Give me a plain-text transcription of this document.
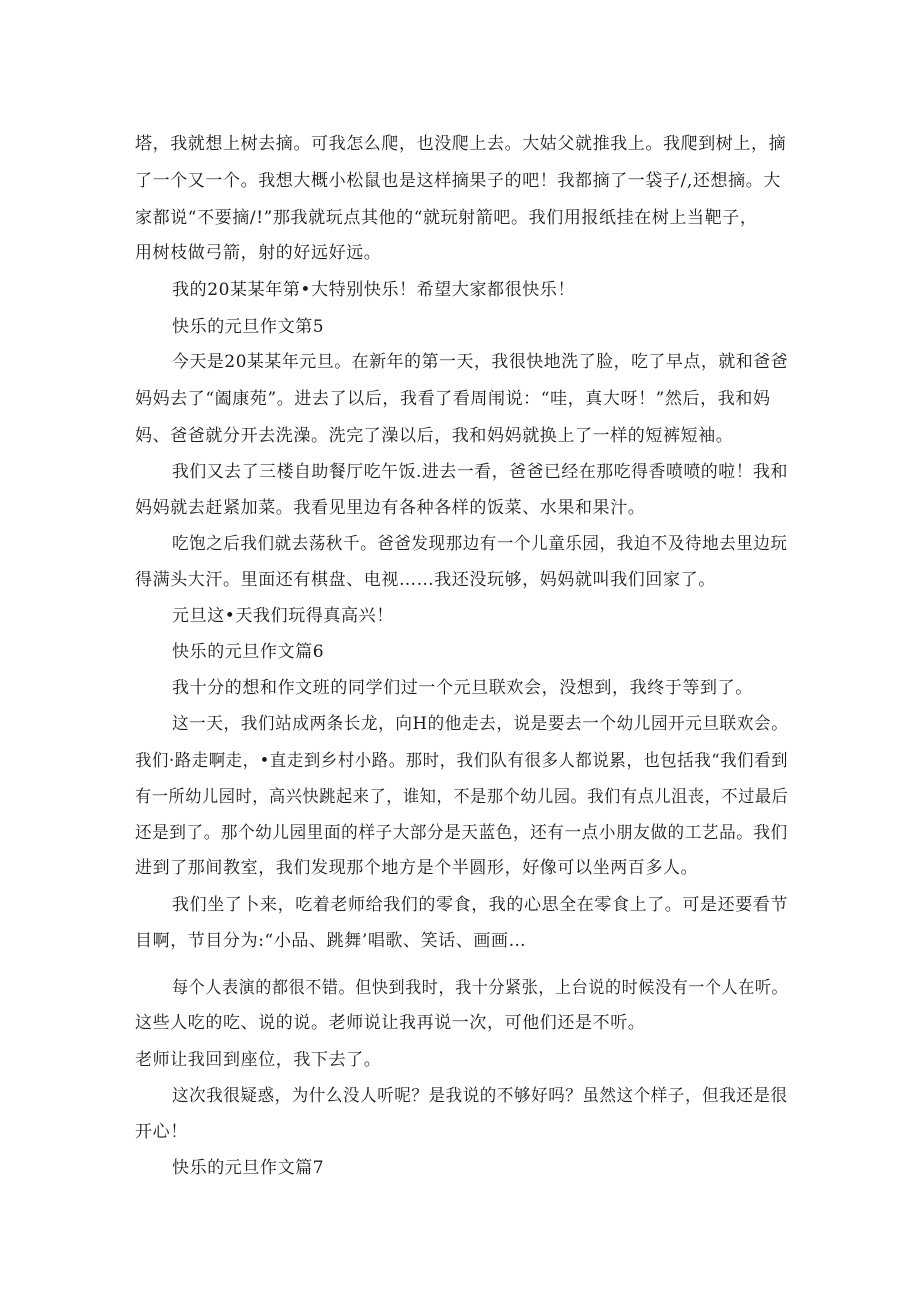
塔，我就想上树去摘。可我怎么爬，也没爬上去。大姑父就推我上。我爬到树上，摘
了一个又一个。我想大概小松鼠也是这样摘果子的吧！我都摘了一袋子/,还想摘。大
家都说“不要摘/!”那我就玩点其他的“就玩射箭吧。我们用报纸挂在树上当靶子，
用树枝做弓箭，射的好远好远。
我的20某某年第•大特别快乐！希望大家都很快乐！
快乐的元旦作文第5
今天是20某某年元旦。在新年的第一天，我很快地洗了脸，吃了早点，就和爸爸
妈妈去了“阖康苑”。进去了以后，我看了看周闱说：“哇，真大呀！”然后，我和妈
妈、爸爸就分开去洗澡。洗完了澡以后，我和妈妈就换上了一样的短裤短袖。
我们又去了三楼自助餐厅吃午饭.进去一看，爸爸已经在那吃得香喷喷的啦！我和
妈妈就去赶紧加菜。我看见里边有各种各样的饭菜、水果和果汁。
吃饱之后我们就去荡秋千。爸爸发现那边有一个儿童乐园，我迫不及待地去里边玩
得满头大汗。里面还有棋盘、电视……我还没玩够，妈妈就叫我们回家了。
元旦这•天我们玩得真高兴！
快乐的元旦作文篇6
我十分的想和作文班的同学们过一个元旦联欢会，没想到，我终于等到了。
这一天，我们站成两条长龙，向H的他走去，说是要去一个幼儿园开元旦联欢会。
我们·路走啊走，•直走到乡村小路。那时，我们队有很多人都说累，也包括我“我们看到
有一所幼儿园时，高兴快跳起来了，谁知，不是那个幼儿园。我们有点儿沮丧，不过最后
还是到了。那个幼儿园里面的样子大部分是天蓝色，还有一点小朋友做的工艺品。我们
进到了那间教室，我们发现那个地方是个半圆形，好像可以坐两百多人。
我们坐了卜来，吃着老师给我们的零食，我的心思全在零食上了。可是还要看节
目啊，节目分为:“小品、跳舞’唱歌、笑话、画画…
每个人表演的都很不错。但快到我时，我十分紧张，上台说的时候没有一个人在听。
这些人吃的吃、说的说。老师说让我再说一次，可他们还是不听。
老师让我回到座位，我下去了。
这次我很疑惑，为什么没人听呢？是我说的不够好吗？虽然这个样子，但我还是很
开心！
快乐的元旦作文篇7
